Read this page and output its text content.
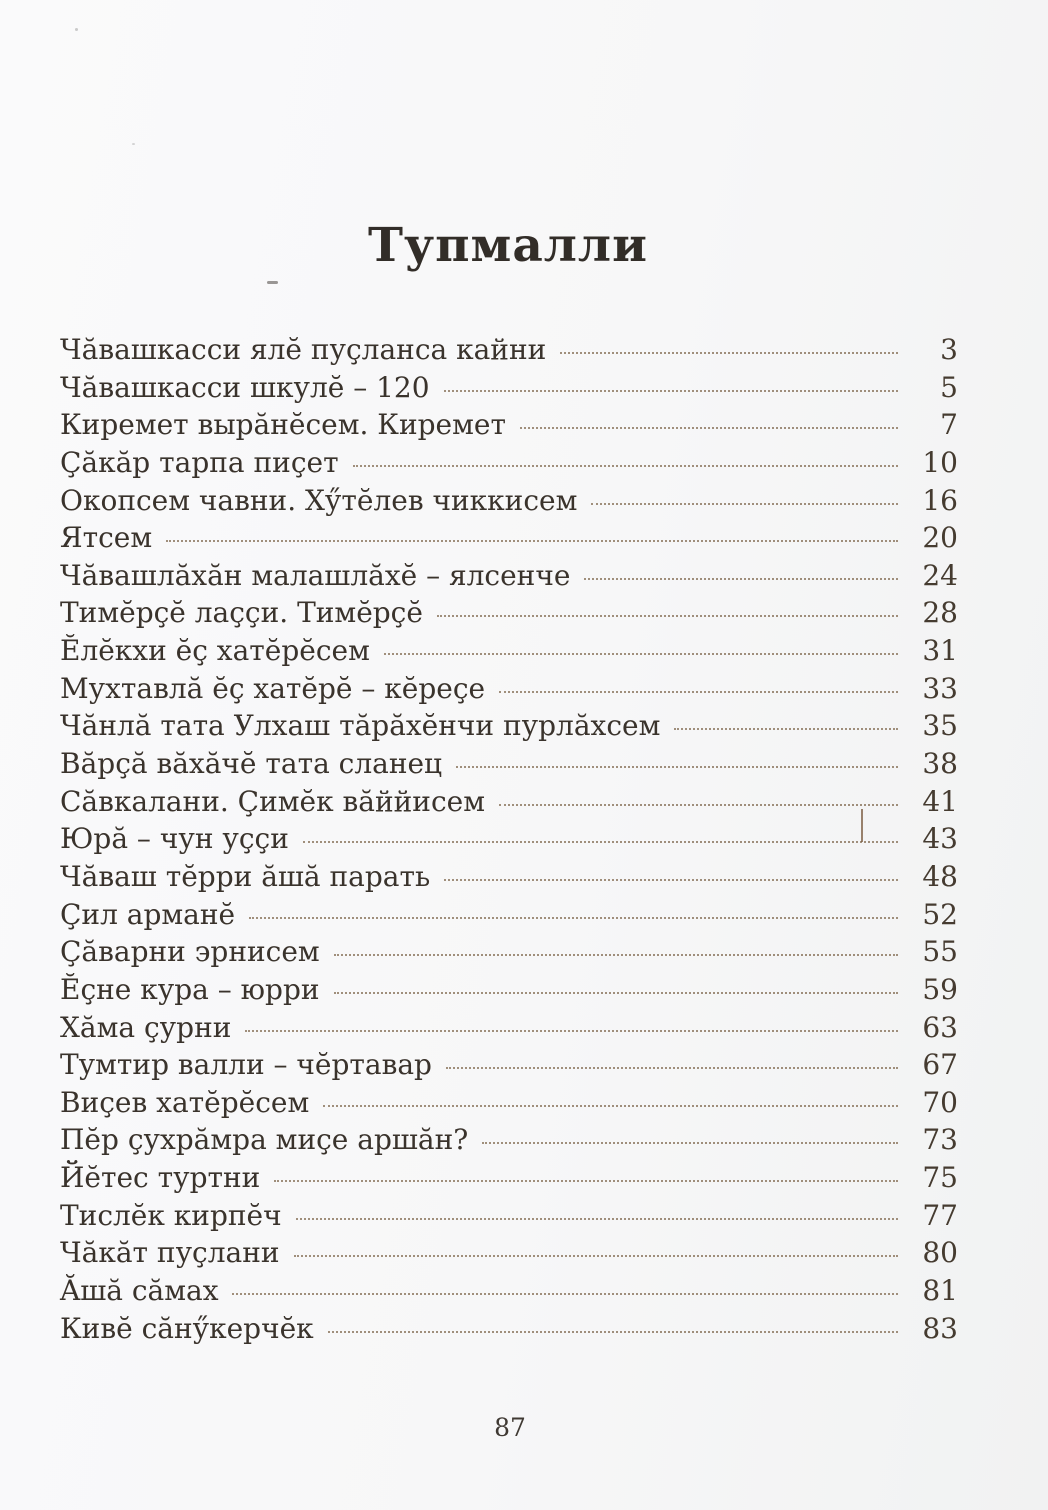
Тупмалли
Чăвашкасси ялĕ пуçланса кайни	3
Чăвашкасси шкулĕ – 120	5
Киремет вырăнĕсем. Киремет	7
Çăкăр тарпа пиçет	10
Окопсем чавни. Хӳтĕлев чиккисем	16
Ятсем	20
Чăвашлăхăн малашлăхĕ – ялсенче	24
Тимĕрçĕ лаççи. Тимĕрçĕ	28
Ĕлĕкхи ĕç хатĕрĕсем	31
Мухтавлă ĕç хатĕрĕ – кĕреçе	33
Чăнлă тата Улхаш тăрăхĕнчи пурлăхсем	35
Вăрçă вăхăчĕ тата сланец	38
Сăвкалани. Çимĕк вăййисем	41
Юрă – чун уççи	43
Чăваш тĕрри ăшă парать	48
Çил арманĕ	52
Çăварни эрнисем	55
Ĕçне кура – юрри	59
Хăма çурни	63
Тумтир валли – чĕртавар	67
Виçев хатĕрĕсем	70
Пĕр çухрăмра миçе аршăн?	73
Йĕтес туртни	75
Тислĕк кирпĕч	77
Чăкăт пуçлани	80
Ăшă сăмах	81
Кивĕ сăнӳкерчĕк	83
87
